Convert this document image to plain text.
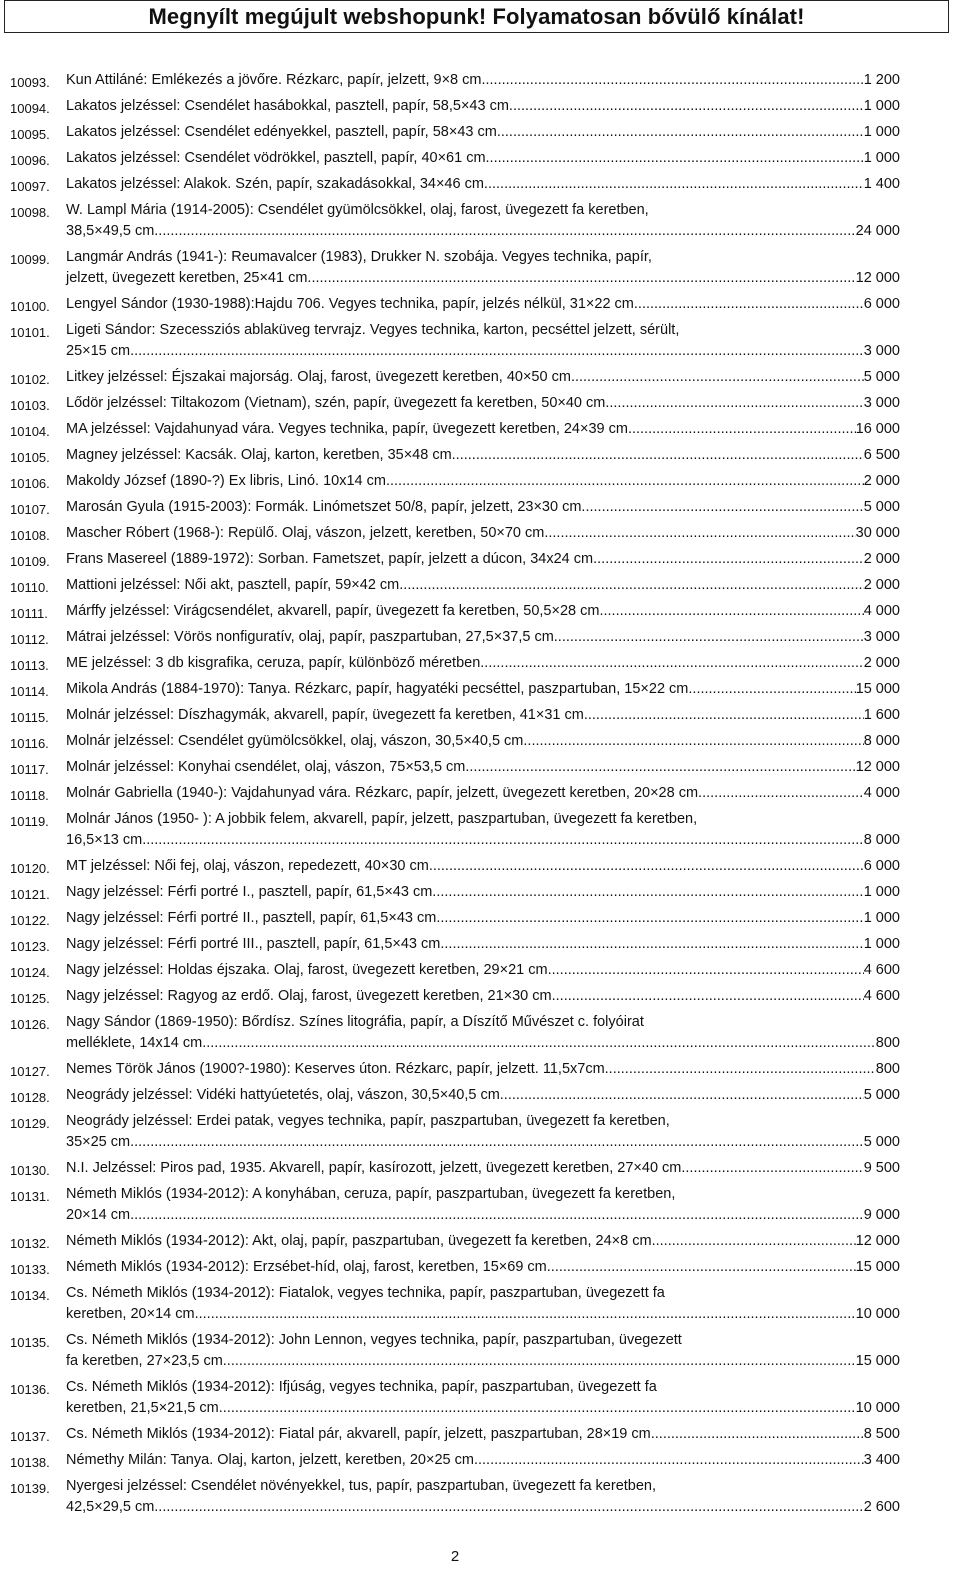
Megnyílt megújult webshopunk! Folyamatosan bővülő kínálat!
10093.	Kun Attiláné: Emlékezés a jövőre. Rézkarc, papír, jelzett, 9×8 cm .....	1 200
10094.	Lakatos jelzéssel: Csendélet hasábokkal, pasztell, papír, 58,5×43 cm .....	1 000
10095.	Lakatos jelzéssel: Csendélet edényekkel, pasztell, papír, 58×43 cm .....	1 000
10096.	Lakatos jelzéssel: Csendélet vödrökkel, pasztell, papír, 40×61 cm .....	1 000
10097.	Lakatos jelzéssel: Alakok. Szén, papír, szakadásokkal, 34×46 cm .....	1 400
10098.	W. Lampl Mária (1914-2005): Csendélet gyümölcsökkel, olaj, farost, üvegezett fa keretben,
38,5×49,5 cm .....	24 000
10099.	Langmár András (1941-): Reumavalcer (1983), Drukker N. szobája. Vegyes technika, papír,
jelzett, üvegezett keretben, 25×41 cm .....	12 000
10100.	Lengyel Sándor (1930-1988):Hajdu 706. Vegyes technika, papír, jelzés nélkül, 31×22 cm .....	6 000
10101.	Ligeti Sándor: Szecessziós ablaküveg tervrajz. Vegyes technika, karton, pecséttel jelzett, sérült,
25×15 cm .....	3 000
10102.	Litkey jelzéssel: Éjszakai majorság. Olaj, farost, üvegezett keretben, 40×50 cm .....	5 000
10103.	Lődör jelzéssel: Tiltakozom (Vietnam), szén, papír, üvegezett fa keretben, 50×40 cm .....	3 000
10104.	MA jelzéssel: Vajdahunyad vára. Vegyes technika, papír, üvegezett keretben, 24×39 cm .....	16 000
10105.	Magney jelzéssel: Kacsák. Olaj, karton, keretben, 35×48 cm .....	6 500
10106.	Makoldy József (1890-?) Ex libris, Linó. 10x14 cm .....	2 000
10107.	Marosán Gyula (1915-2003): Formák. Linómetszet 50/8, papír, jelzett, 23×30 cm .....	5 000
10108.	Mascher Róbert (1968-): Repülő. Olaj, vászon, jelzett, keretben, 50×70 cm .....	30 000
10109.	Frans Masereel (1889-1972): Sorban. Fametszet, papír, jelzett a dúcon, 34x24 cm .....	2 000
10110.	Mattioni jelzéssel: Női akt, pasztell, papír, 59×42 cm .....	2 000
10111.	Márffy jelzéssel: Virágcsendélet, akvarell, papír, üvegezett fa keretben, 50,5×28 cm .....	4 000
10112.	Mátrai jelzéssel: Vörös nonfiguratív, olaj, papír, paszpartuban, 27,5×37,5 cm .....	3 000
10113.	ME jelzéssel: 3 db kisgrafika, ceruza, papír, különböző méretben .....	2 000
10114.	Mikola András (1884-1970): Tanya. Rézkarc, papír, hagyatéki pecséttel, paszpartuban, 15×22 cm .....	15 000
10115.	Molnár jelzéssel: Díszhagymák, akvarell, papír, üvegezett fa keretben, 41×31 cm .....	1 600
10116.	Molnár jelzéssel: Csendélet gyümölcsökkel, olaj, vászon, 30,5×40,5 cm .....	8 000
10117.	Molnár jelzéssel: Konyhai csendélet, olaj, vászon, 75×53,5 cm .....	12 000
10118.	Molnár Gabriella (1940-): Vajdahunyad vára. Rézkarc, papír, jelzett, üvegezett keretben, 20×28 cm .....	4 000
10119.	Molnár János (1950- ): A jobbik felem, akvarell, papír, jelzett, paszpartuban, üvegezett fa keretben,
16,5×13 cm .....	8 000
10120.	MT jelzéssel: Női fej, olaj, vászon, repedezett, 40×30 cm .....	6 000
10121.	Nagy jelzéssel: Férfi portré I., pasztell, papír, 61,5×43 cm .....	1 000
10122.	Nagy jelzéssel: Férfi portré II., pasztell, papír, 61,5×43 cm .....	1 000
10123.	Nagy jelzéssel: Férfi portré III., pasztell, papír, 61,5×43 cm .....	1 000
10124.	Nagy jelzéssel: Holdas éjszaka. Olaj, farost, üvegezett keretben, 29×21 cm .....	4 600
10125.	Nagy jelzéssel: Ragyog az erdő. Olaj, farost, üvegezett keretben, 21×30 cm .....	4 600
10126.	Nagy Sándor (1869-1950): Bőrdísz. Színes litográfia, papír, a Díszítő Művészet c. folyóirat
melléklete, 14x14 cm .....	800
10127.	Nemes Török János (1900?-1980): Keserves úton. Rézkarc, papír, jelzett. 11,5x7cm .....	800
10128.	Neogrády jelzéssel: Vidéki hattyúetetés, olaj, vászon, 30,5×40,5 cm .....	5 000
10129.	Neogrády jelzéssel: Erdei patak, vegyes technika, papír, paszpartuban, üvegezett fa keretben,
35×25 cm .....	5 000
10130.	N.I. Jelzéssel: Piros pad, 1935. Akvarell, papír, kasírozott, jelzett, üvegezett keretben, 27×40 cm .....	9 500
10131.	Németh Miklós (1934-2012): A konyhában, ceruza, papír, paszpartuban, üvegezett fa keretben,
20×14 cm .....	9 000
10132.	Németh Miklós (1934-2012): Akt, olaj, papír, paszpartuban, üvegezett fa keretben, 24×8 cm .....	12 000
10133.	Németh Miklós (1934-2012): Erzsébet-híd, olaj, farost, keretben, 15×69 cm .....	15 000
10134.	Cs. Németh Miklós (1934-2012): Fiatalok, vegyes technika, papír, paszpartuban, üvegezett fa
keretben, 20×14 cm .....	10 000
10135.	Cs. Németh Miklós (1934-2012): John Lennon, vegyes technika, papír, paszpartuban, üvegezett
fa keretben, 27×23,5 cm .....	15 000
10136.	Cs. Németh Miklós (1934-2012): Ifjúság, vegyes technika, papír, paszpartuban, üvegezett fa
keretben, 21,5×21,5 cm .....	10 000
10137.	Cs. Németh Miklós (1934-2012): Fiatal pár, akvarell, papír, jelzett, paszpartuban, 28×19 cm .....	8 500
10138.	Némethy Milán: Tanya. Olaj, karton, jelzett, keretben, 20×25 cm .....	3 400
10139.	Nyergesi jelzéssel: Csendélet növényekkel, tus, papír, paszpartuban, üvegezett fa keretben,
42,5×29,5 cm .....	2 600
2
